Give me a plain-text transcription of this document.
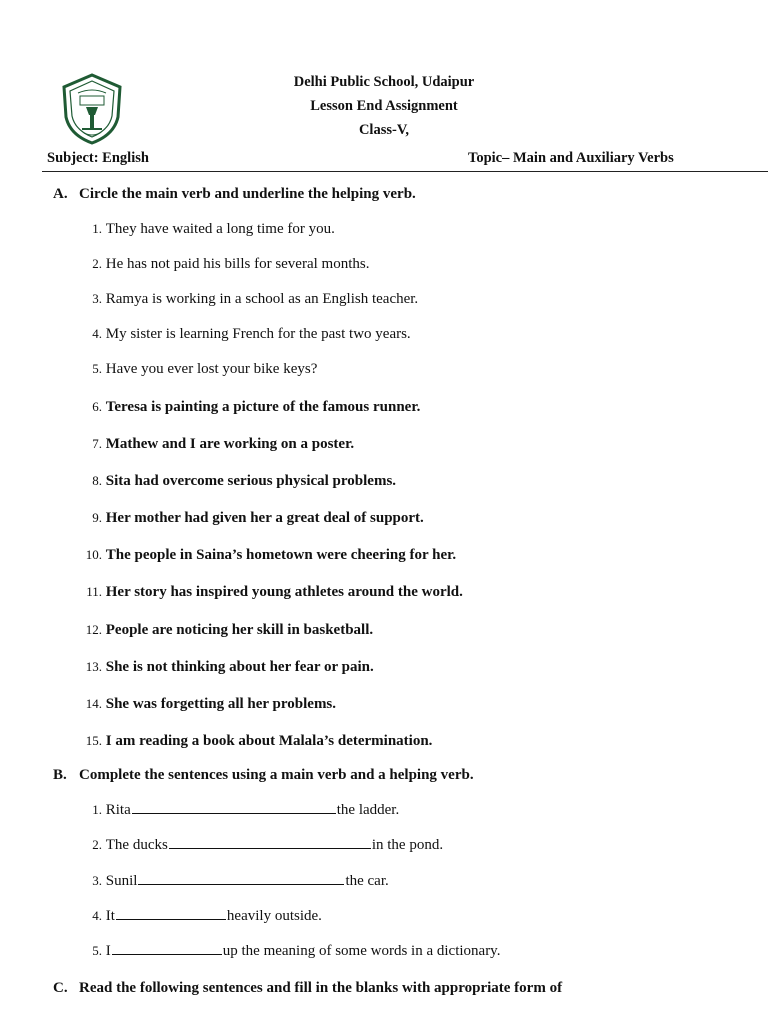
Delhi Public School, Udaipur
Lesson End Assignment
Class-V,
Subject: English	Topic– Main and Auxiliary Verbs
A. Circle the main verb and underline the helping verb.
1. They have waited a long time for you.
2. He has not paid his bills for several months.
3. Ramya is working in a school as an English teacher.
4. My sister is learning French for the past two years.
5. Have you ever lost your bike keys?
6. Teresa is painting a picture of the famous runner.
7. Mathew and I are working on a poster.
8. Sita had overcome serious physical problems.
9. Her mother had given her a great deal of support.
10. The people in Saina’s hometown were cheering for her.
11. Her story has inspired young athletes around the world.
12. People are noticing her skill in basketball.
13. She is not thinking about her fear or pain.
14. She was forgetting all her problems.
15. I am reading a book about Malala’s determination.
B. Complete the sentences using a main verb and a helping verb.
1. Rita	the ladder.
2. The ducks	in the pond.
3. Sunil	the car.
4. It	heavily outside.
5. I	up the meaning of some words in a dictionary.
C. Read the following sentences and fill in the blanks with appropriate form of
